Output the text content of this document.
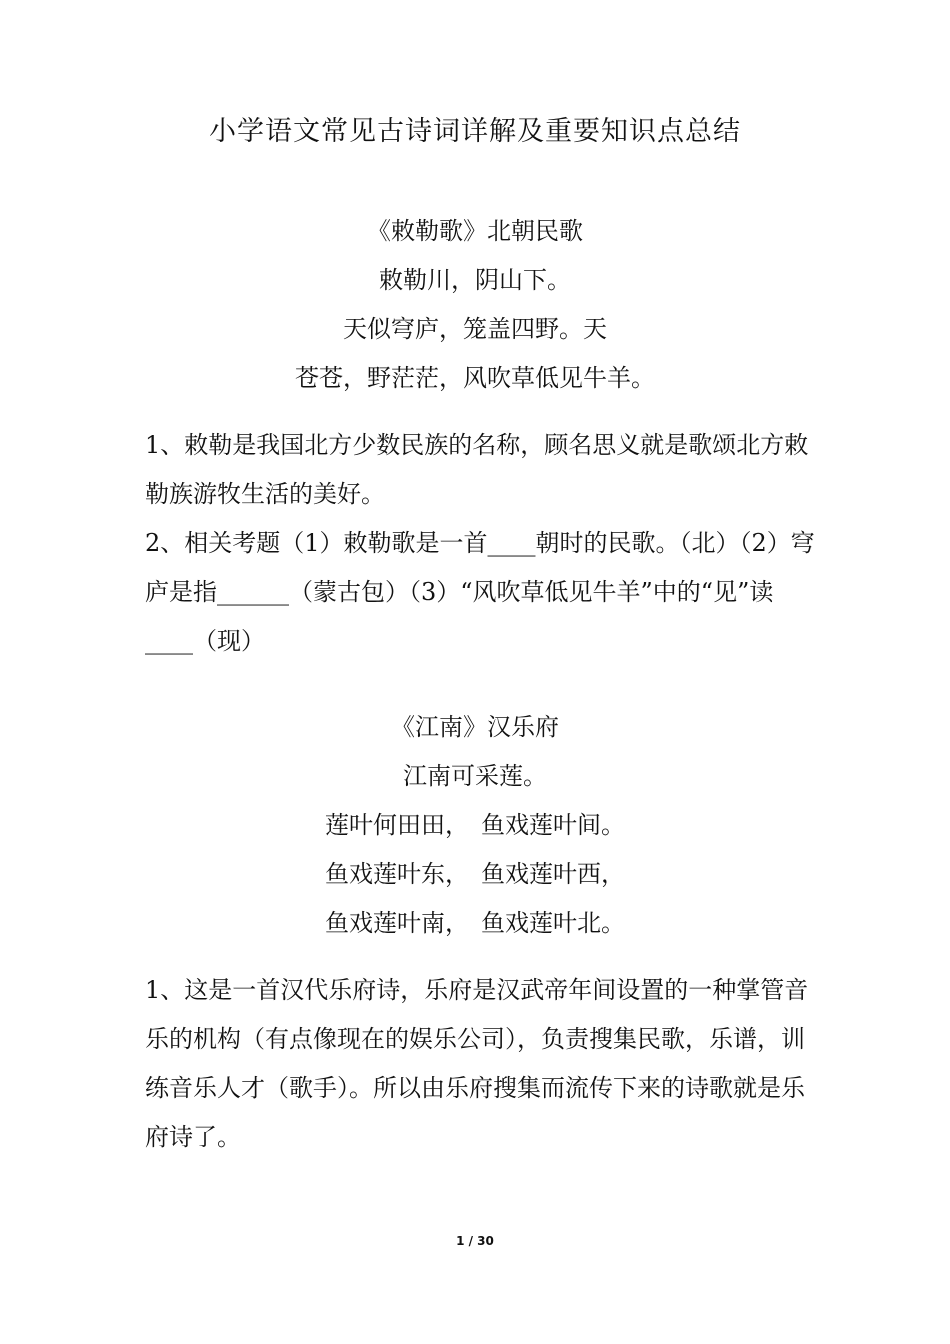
小学语文常见古诗词详解及重要知识点总结
《敕勒歌》北朝民歌
敕勒川，阴山下。
天似穹庐，笼盖四野。天
苍苍，野茫茫，风吹草低见牛羊。

1、敕勒是我国北方少数民族的名称，顾名思义就是歌颂北方敕勒族游牧生活的美好。

2、相关考题（1）敕勒歌是一首____朝时的民歌。（北）（2）穹庐是指______（蒙古包）（3）“风吹草低见牛羊”中的“见”读____（现）

《江南》汉乐府
江南可采莲。
莲叶何田田，　鱼戏莲叶间。
鱼戏莲叶东，　鱼戏莲叶西，
鱼戏莲叶南，　鱼戏莲叶北。

1、这是一首汉代乐府诗，乐府是汉武帝年间设置的一种掌管音乐的机构（有点像现在的娱乐公司），负责搜集民歌，乐谱，训练音乐人才（歌手）。所以由乐府搜集而流传下来的诗歌就是乐府诗了。

1 / 30
